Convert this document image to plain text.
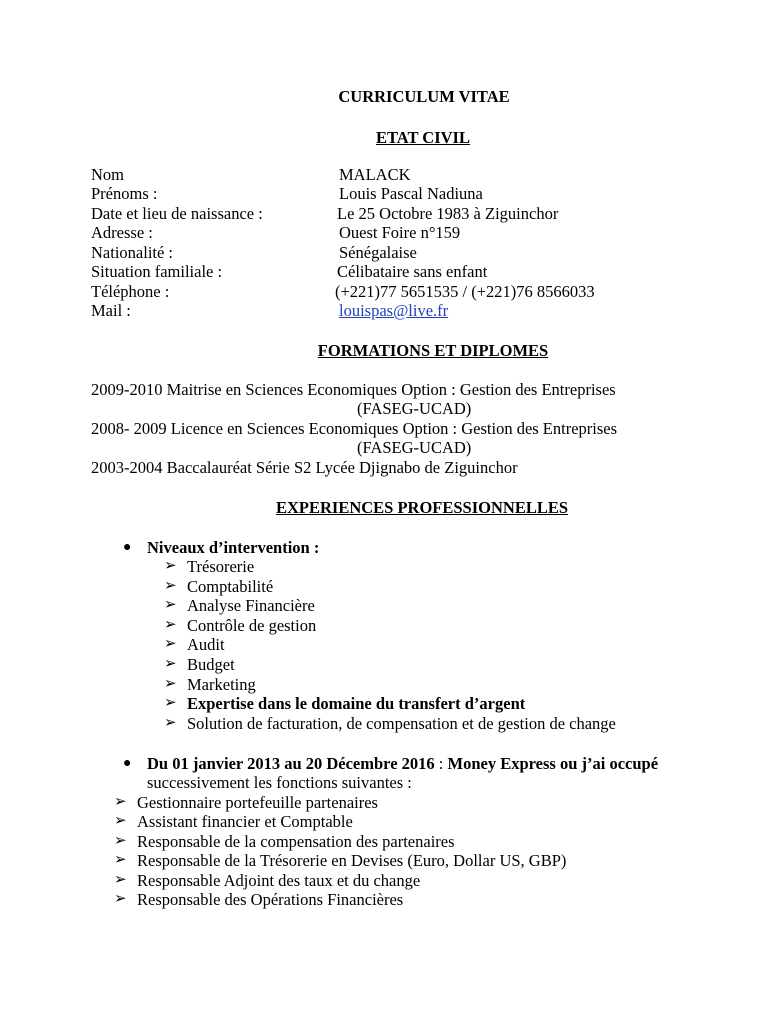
CURRICULUM VITAE
ETAT CIVIL
Nom	MALACK
Prénoms :	Louis Pascal Nadiuna
Date et lieu de naissance :	Le 25 Octobre 1983 à Ziguinchor
Adresse :	Ouest Foire n°159
Nationalité :	Sénégalaise
Situation familiale :	Célibataire sans enfant
Téléphone :	(+221)77 5651535 / (+221)76 8566033
Mail :	louispas@live.fr
FORMATIONS ET DIPLOMES
2009-2010 Maitrise en Sciences Economiques Option : Gestion des Entreprises
(FASEG-UCAD)
2008- 2009 Licence en Sciences Economiques Option : Gestion des Entreprises
(FASEG-UCAD)
2003-2004 Baccalauréat Série S2 Lycée Djignabo de Ziguinchor
EXPERIENCES PROFESSIONNELLES
● Niveaux d’intervention :
➢ Trésorerie
➢ Comptabilité
➢ Analyse Financière
➢ Contrôle de gestion
➢ Audit
➢ Budget
➢ Marketing
➢ Expertise dans le domaine du transfert d’argent
➢ Solution de facturation, de compensation et de gestion de change
● Du 01 janvier 2013 au 20 Décembre 2016 : Money Express ou j’ai occupé
successivement les fonctions suivantes :
➢ Gestionnaire portefeuille partenaires
➢ Assistant financier et Comptable
➢ Responsable de la compensation des partenaires
➢ Responsable de la Trésorerie en Devises (Euro, Dollar US, GBP)
➢ Responsable Adjoint des taux et du change
➢ Responsable des Opérations Financières
